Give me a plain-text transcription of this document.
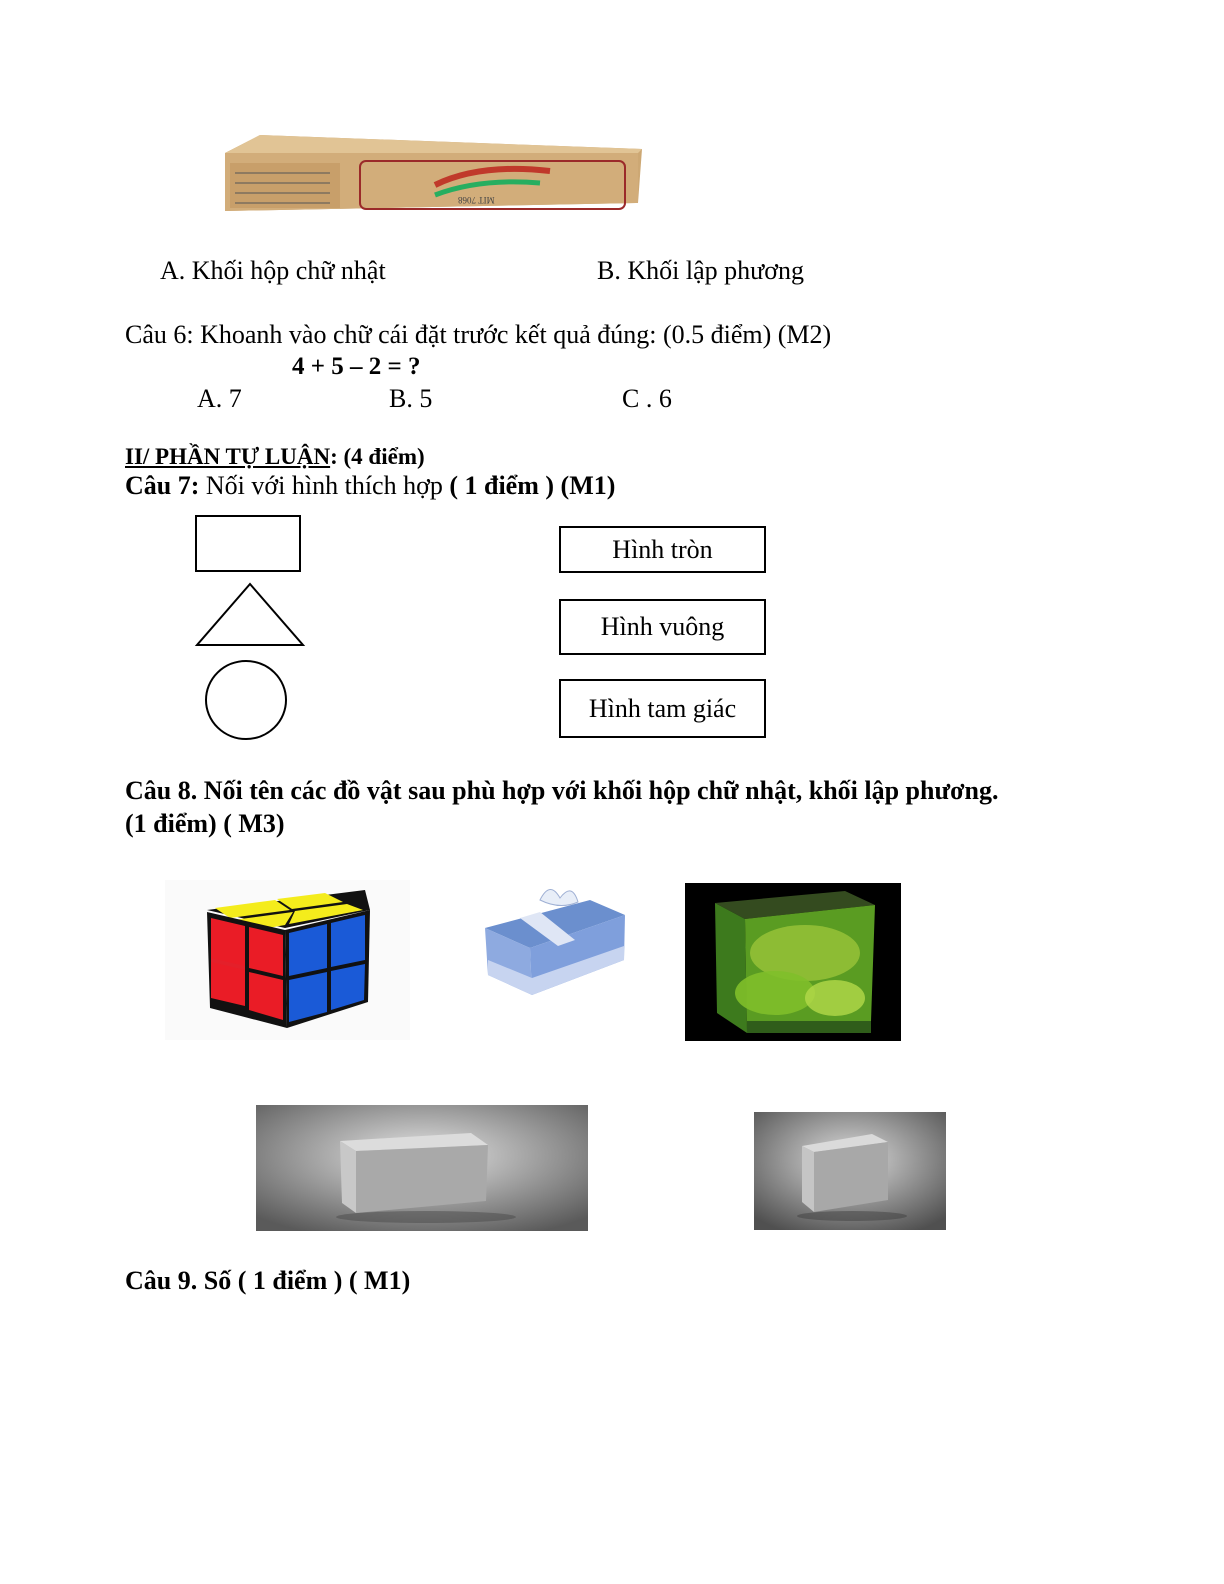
MIT 7068
A. Khối hộp chữ nhật	B. Khối lập phương
Câu 6: Khoanh vào chữ cái đặt trước kết quả đúng: (0.5 điểm) (M2)
4 + 5 – 2 = ?
A. 7	B. 5	C . 6
II/ PHẦN TỰ LUẬN: (4 điểm)
Câu 7: Nối với hình thích hợp ( 1 điểm ) (M1)
Hình tròn
Hình vuông
Hình tam giác
Câu 8. Nối tên các đồ vật sau phù hợp với khối hộp chữ nhật, khối lập phương.
(1 điểm) ( M3)
Câu 9. Số ( 1 điểm ) ( M1)
